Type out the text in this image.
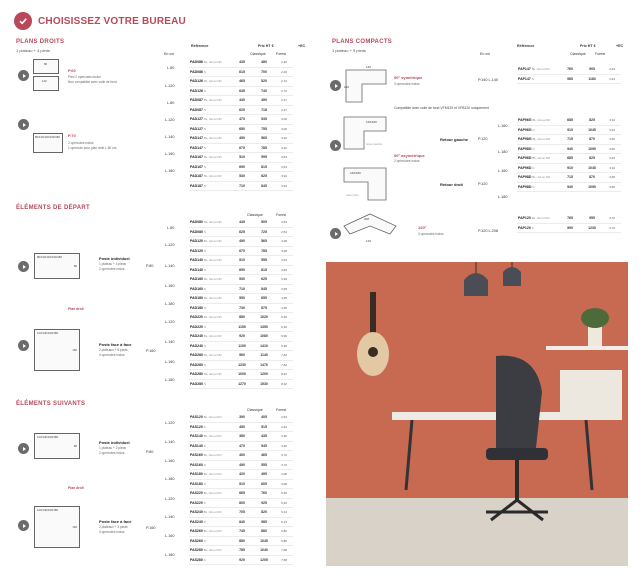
CHOISISSEZ VOTRE BUREAU
PLANS DROITS
1 plateau + 4 pieds
En cm
Référence	Prix HT €	+EC
Classique	Forest
80
120
P.60
Pied 2 opercules inclus
Non compatible avec voile de fond
80/120/140/160/180 P.70
2 opercules inclus
1 opercule pour plan droit L.80 cm
L.80
L.120
L.80
L.120
L.140
L.160
L.180
PAD086BL, GA ou NO	435	480	2,20
PAD086N	615	700	2,20
PAD126BL, GA ou NO	465	520	2,72
PAD126N	645	740	2,72
PAD087BL, GA ou NO	440	490	2,27
PAD087N	620	718	2,27
PAD127BL, GA ou NO	470	535	3,00
PAD127N	650	755	3,00
PAD147BL, GA ou NO	490	565	3,32
PAD147N	670	785	3,32
PAD167BL, GA ou NO	510	595	3,63
PAD167N	690	815	3,63
PAD187BL, GA ou NO	530	625	3,94
PAD187N	710	845	3,94
ÉLÉMENTS DE DÉPART
Classique	Forest
80/120/140/160/180
80
Poste individuel
1 plateau + 4 pieds
2 opercules inclus
P.80
Plan droit
120/140/160/180
160
Poste face à face
2 plateaux + 6 pieds
4 opercules inclus
P.160
L.80
L.120
L.140
L.160
L.180
L.120
L.140
L.160
L.180
PAD080BL, GA ou NO	445	505	2,54
PAD080N	625	725	2,54
PAD120BL, GA ou NO	490	565	3,28
PAD120N	670	785	3,28
PAD140BL, GA ou NO	510	595	3,63
PAD140N	690	815	3,63
PAD160BL, GA ou NO	530	625	3,99
PAD160N	710	845	3,99
PAD180BL, GA ou NO	550	655	4,35
PAD180N	730	875	4,35
PAD220BL, GA ou NO	880	1020	6,30
PAD220N	1150	1350	6,30
PAD240BL, GA ou NO	920	1080	6,96
PAD240N	1190	1410	6,96
PAD260BL, GA ou NO	960	1140	7,62
PAD260N	1230	1470	7,62
PAD280BL, GA ou NO	1000	1200	8,32
PAD280N	1270	1530	8,32
ÉLÉMENTS SUIVANTS
Classique	Forest
120/140/160/180
80
Poste individuel
1 plateau + 2 pieds
2 opercules inclus	P.80
Plan droit
120/140/160/180
160
Poste face à face
2 plateaux + 3 pieds
4 opercules inclus
P.160
L.120
L.140
L.160
L.180
L.120
L.140
L.160
L.180
PAS120BL, GA ou NO	390	405	2,94
PAS120N	450	515	2,94
PAS140BL, GA ou NO	380	435	3,30
PAS140N	470	545	3,30
PAS160BL, GA ou NO	400	465	3,72
PAS160N	490	555	3,72
PAS180BL, GA ou NO	420	495	4,08
PAS180N	510	605	4,08
PAS220BL, GA ou NO	665	760	5,46
PAS220N	800	925	5,46
PAS240BL, GA ou NO	705	820	6,14
PAS240N	840	985	6,14
PAS260BL, GA ou NO	745	880	6,86
PAS260N	880	1045	6,86
PAS280BL, GA ou NO	785	1040	7,68
PAS280N	920	1205	7,68
PLANS COMPACTS
1 plateau + 5 pieds
En cm
Référence	Prix HT €	+EC
Classique	Forest
140
140
90° symétrique
3 opercules inclus
P.140 L.140
PAP147BL, GA ou NO	760	905	3,24
PAP147N	985	1180	3,24
Compatible avec voile de fond VFM120 et VFB120 uniquement
160/180
retour gauche
160/180
retour droit
90° asymétrique
2 opercules inclus
Retour gauche
Retour droit
L.160
P.120
L.180
L.160
P.120
L.180
PAP96GBL, GA ou NO	685	825	3,34
PAP96GN	910	1045	3,34
PAP98GBL, GA ou NO	715	870	3,66
PAP98GN	940	1090	3,66
PAP96DBL, GA ou NO	685	825	3,34
PAP96DN	910	1045	3,34
PAP98DBL, GA ou NO	715	870	3,66
PAP98DN	940	1090	3,66
208
120
120°
3 opercules inclus
P.120 L.208
PAP120BL, GA ou NO	765	955	3,72
PAP120N	990	1230	3,72
